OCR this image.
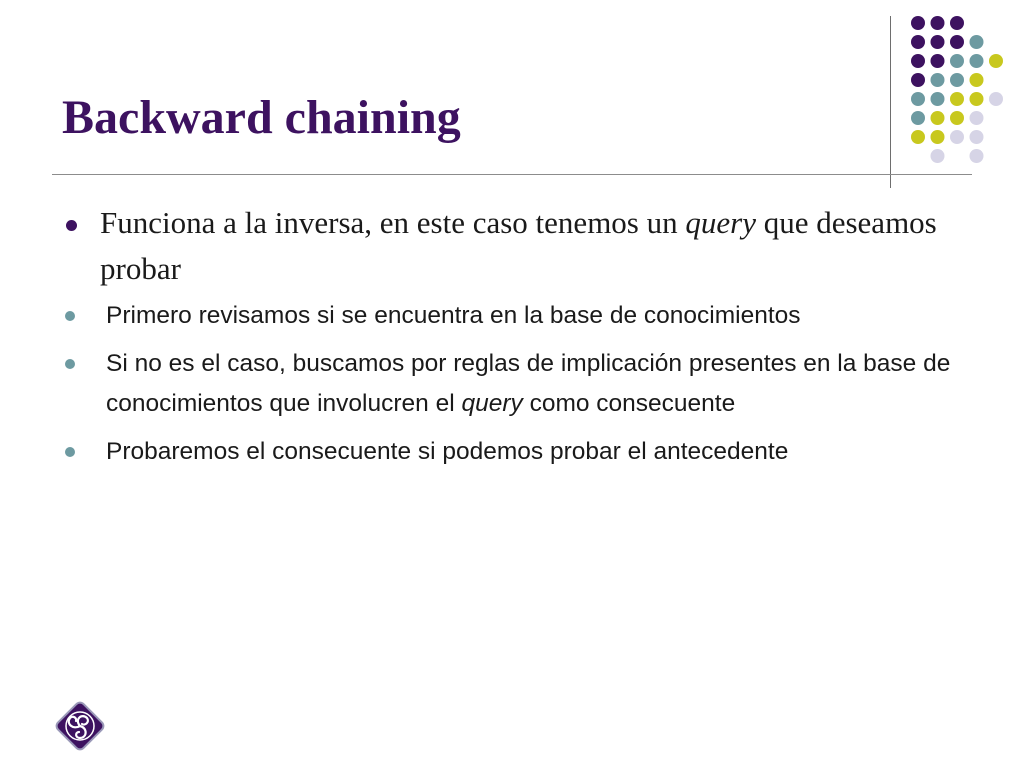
Backward chaining
Funciona a la inversa, en este caso tenemos un query que deseamos probar
Primero revisamos si se encuentra en la base de conocimientos
Si no es el caso, buscamos por reglas de implicación presentes en la base de conocimientos que involucren el query como consecuente
Probaremos el consecuente si podemos probar el antecedente
